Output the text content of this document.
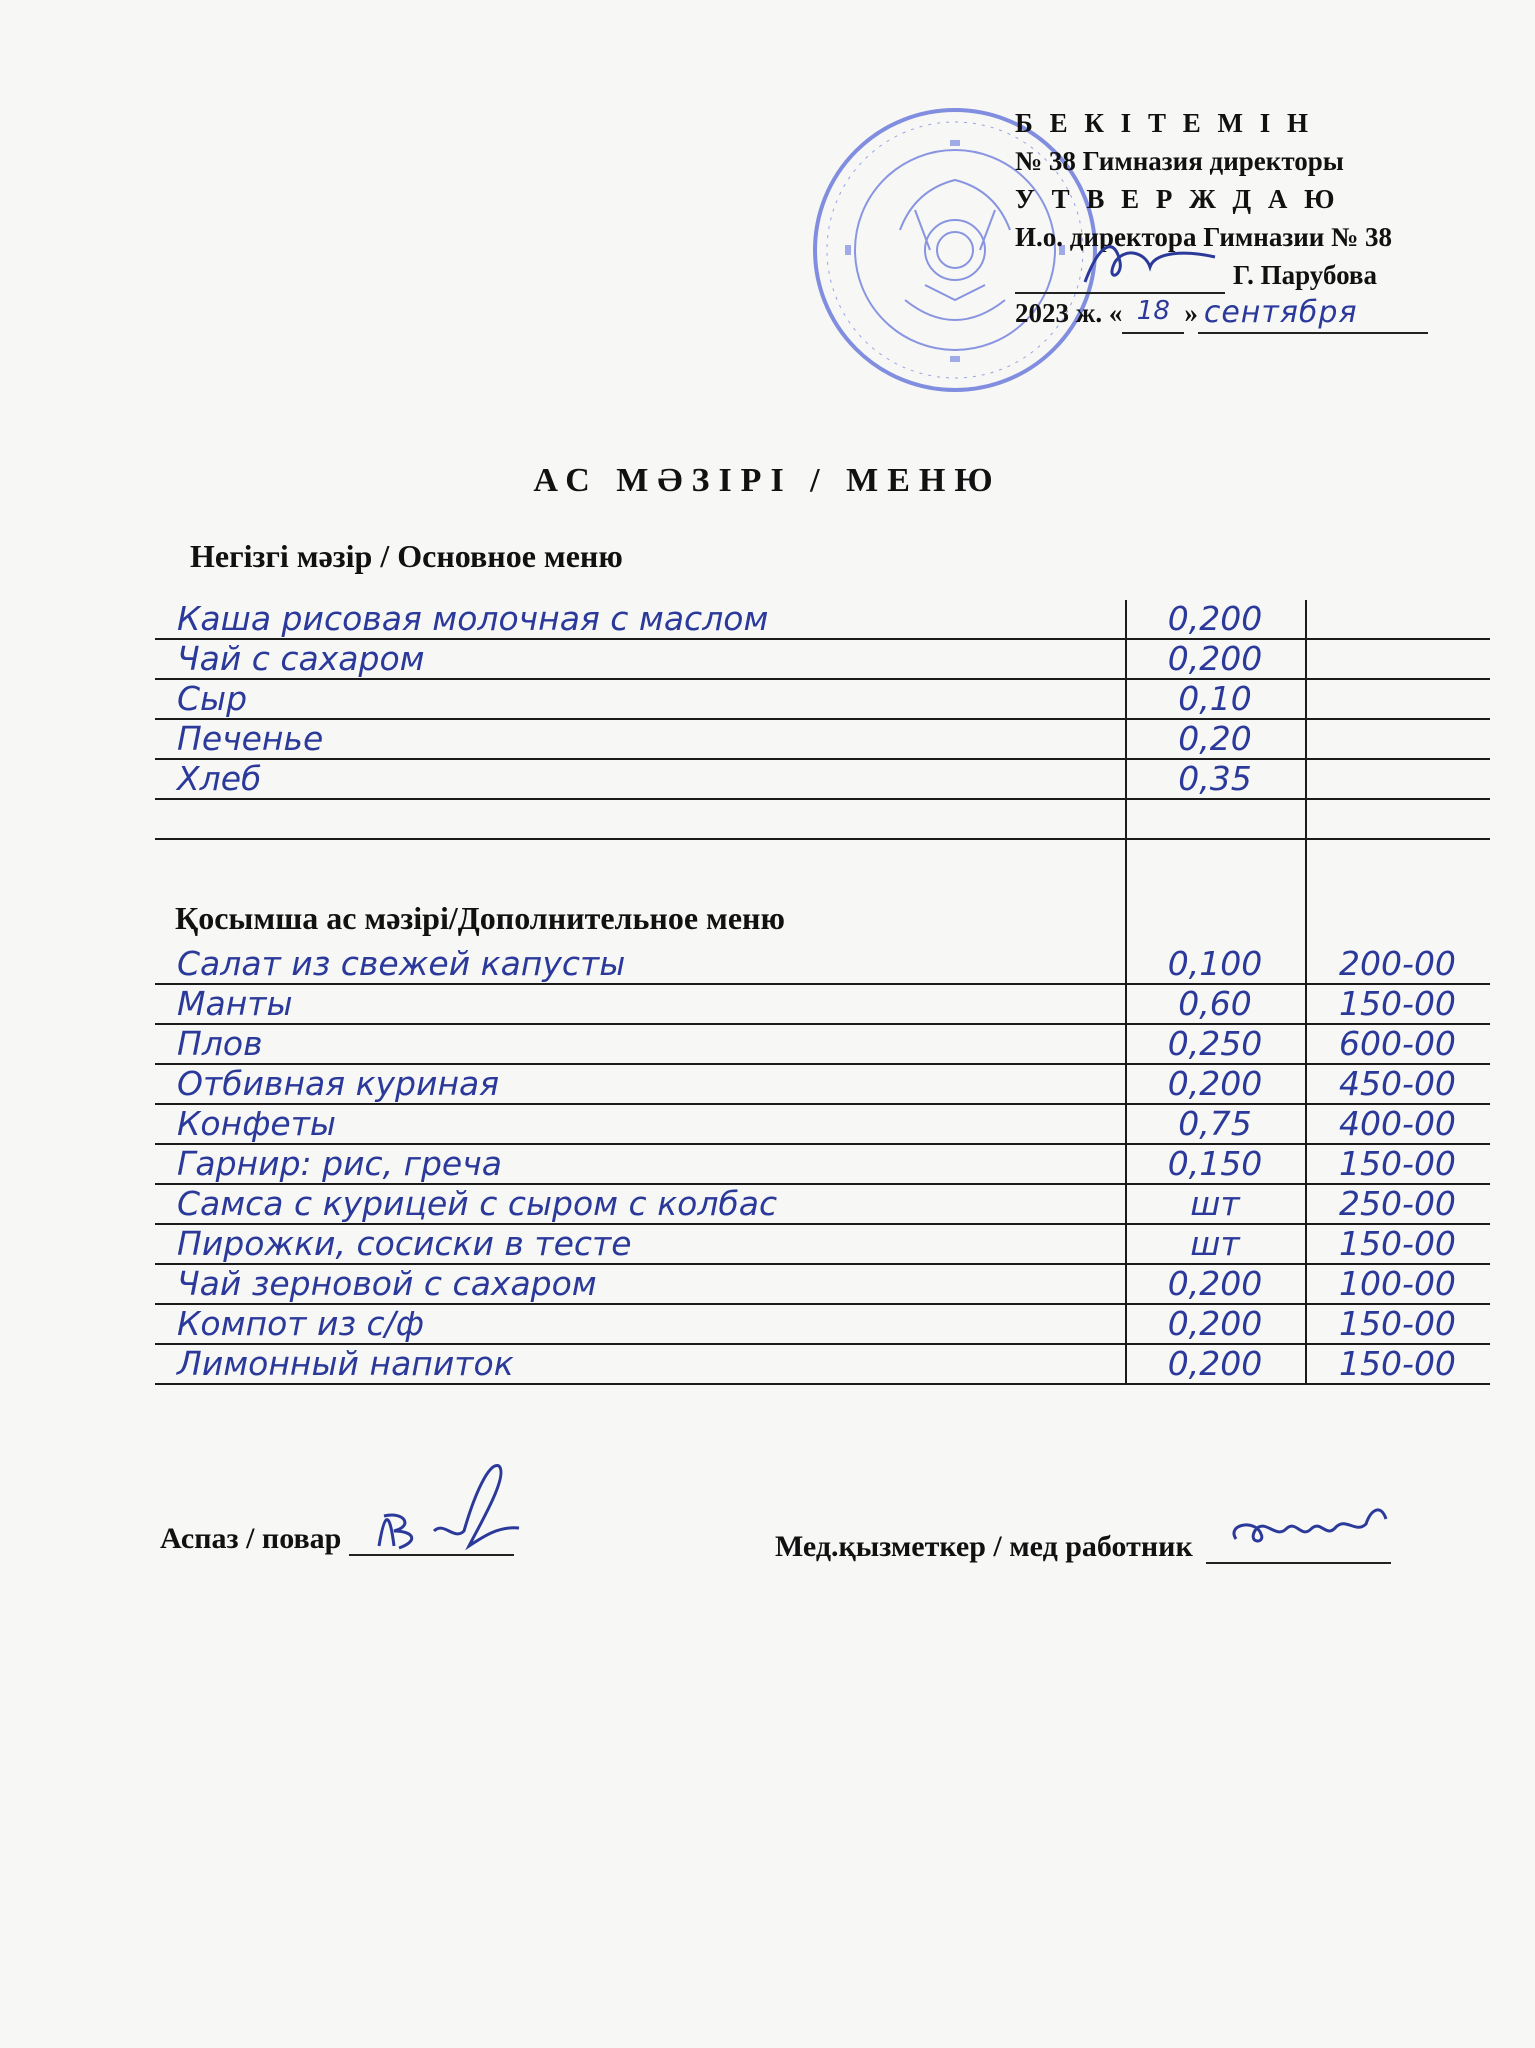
Б Е К І Т Е М І Н
№ 38 Гимназия директоры
У Т В Е Р Ж Д А Ю
И.о. директора Гимназии № 38
Г. Парубова
2023 ж. « 18 » сентября
АС МӘЗІРІ / МЕНЮ
Негізгі мәзір / Основное меню
Каша рисовая молочная с маслом	0,200
Чай с сахаром	0,200
Сыр	0,10
Печенье	0,20
Хлеб	0,35
Қосымша ас мәзірі/Дополнительное меню
Салат из свежей капусты	0,100	200-00
Манты	0,60	150-00
Плов	0,250	600-00
Отбивная куриная	0,200	450-00
Конфеты	0,75	400-00
Гарнир: рис, греча	0,150	150-00
Самса с курицей с сыром с колбас	шт	250-00
Пирожки, сосиски в тесте	шт	150-00
Чай зерновой с сахаром	0,200	100-00
Компот из с/ф	0,200	150-00
Лимонный напиток	0,200	150-00
Аспаз / повар	Мед.қызметкер / мед работник
